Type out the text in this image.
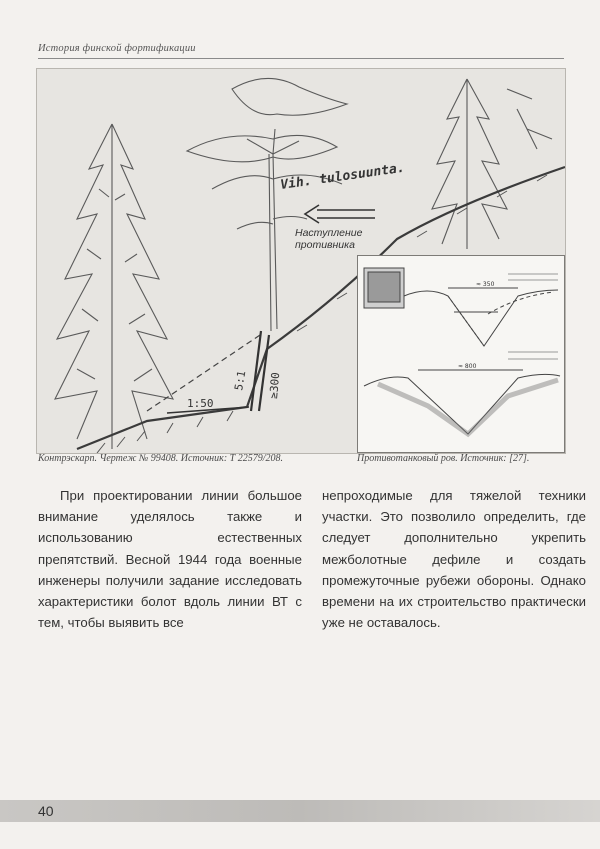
История финской фортификации
Vih. tulosuunta.
Наступление
противника
5:1 ≥300
1:50
≈ 350
≈ 800
Контрэскарп. Чертеж № 99408. Источник: Т 22579/208.	Противотанковый ров. Источник: [27].

При проектировании линии большое внимание уделялось также и использованию естественных препятствий. Весной 1944 года военные инженеры получили задание исследовать характеристики болот вдоль линии ВТ с тем, чтобы выявить все

непроходимые для тяжелой техники участки. Это позволило определить, где следует дополнительно укрепить межболотные дефиле и создать промежуточные рубежи обороны. Однако времени на их строительство практически уже не оставалось.

40
